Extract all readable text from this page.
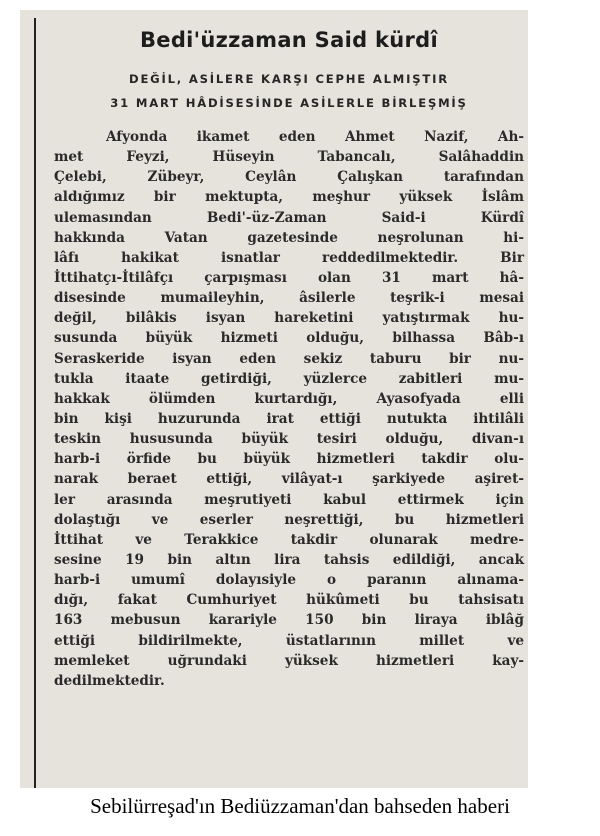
Bedi'üzzaman Said kürdî
DEĞİL, ASİLERE KARŞI CEPHE ALMIŞTIR
31 MART HÂDİSESİNDE ASİLERLE BİRLEŞMİŞ
Afyonda ikamet eden Ahmet Nazif, Ah-
met Feyzi, Hüseyin Tabancalı, Salâhaddin
Çelebi, Zübeyr, Ceylân Çalışkan tarafından
aldığımız bir mektupta, meşhur yüksek İslâm
ulemasından Bedi'-üz-Zaman Said-i Kürdî
hakkında Vatan gazetesinde neşrolunan hi-
lâfı hakikat isnatlar reddedilmektedir. Bir
İttihatçı-İtilâfçı çarpışması olan 31 mart hâ-
disesinde mumaileyhin, âsilerle teşrik-i mesai
değil, bilâkis isyan hareketini yatıştırmak hu-
susunda büyük hizmeti olduğu, bilhassa Bâb-ı
Seraskeride isyan eden sekiz taburu bir nu-
tukla itaate getirdiği, yüzlerce zabitleri mu-
hakkak ölümden kurtardığı, Ayasofyada elli
bin kişi huzurunda irat ettiği nutukta ihtilâli
teskin hususunda büyük tesiri olduğu, divan-ı
harb-i örfide bu büyük hizmetleri takdir olu-
narak beraet ettiği, vilâyat-ı şarkiyede aşiret-
ler arasında meşrutiyeti kabul ettirmek için
dolaştığı ve eserler neşrettiği, bu hizmetleri
İttihat ve Terakkice takdir olunarak medre-
sesine 19 bin altın lira tahsis edildiği, ancak
harb-i umumî dolayısiyle o paranın alınama-
dığı, fakat Cumhuriyet hükûmeti bu tahsisatı
163 mebusun karariyle 150 bin liraya iblâğ
ettiği bildirilmekte, üstatlarının millet ve
memleket uğrundaki yüksek hizmetleri kay-
dedilmektedir.
Sebilürreşad'ın Bediüzzaman'dan bahseden haberi
